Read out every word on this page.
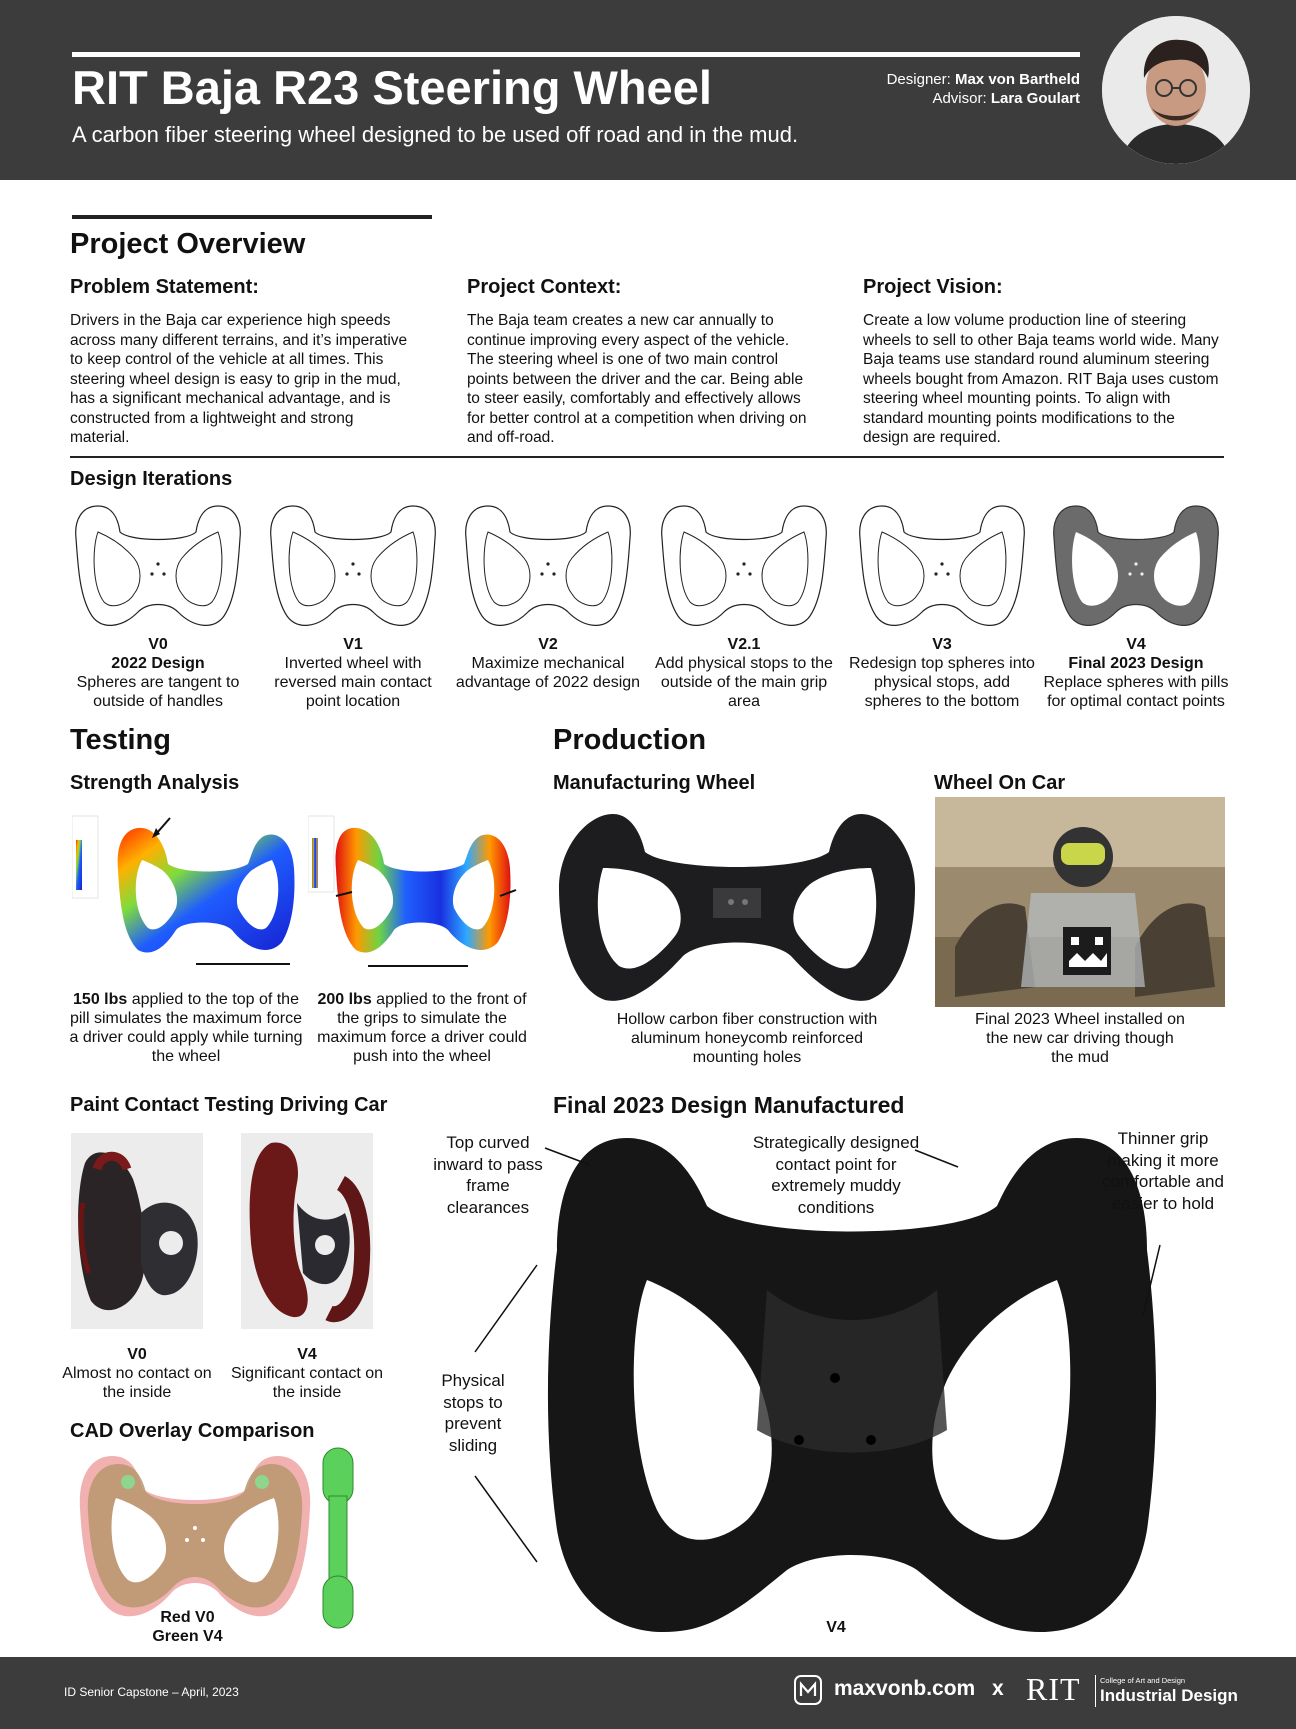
RIT Baja R23 Steering Wheel
A carbon fiber steering wheel designed to be used off road and in the mud.
Designer: Max von Bartheld
Advisor: Lara Goulart
Project Overview
Problem Statement:
Drivers in the Baja car experience high speeds across many different terrains, and it’s imperative to keep control of the vehicle at all times. This steering wheel design is easy to grip in the mud, has a significant mechanical advantage, and is constructed from a lightweight and strong material.
Project Context:
The Baja team creates a new car annually to continue improving every aspect of the vehicle. The steering wheel is one of two main control points between the driver and the car. Being able to steer easily, comfortably and effectively allows for better control at a competition when driving on and off-road.
Project Vision:
Create a low volume production line of steering wheels to sell to other Baja teams world wide. Many Baja teams use standard round aluminum steering wheels bought from Amazon. RIT Baja uses custom steering wheel mounting points. To align with standard mounting points modifications to the design are required.
Design Iterations
V0
2022 Design
Spheres are tangent to outside of handles
V1
Inverted wheel with reversed main contact point location
V2
Maximize mechanical advantage of 2022 design
V2.1
Add physical stops to the outside of the main grip area
V3
Redesign top spheres into physical stops, add spheres to the bottom
V4
Final 2023 Design
Replace spheres with pills for optimal contact points
Testing
Strength Analysis
150 lbs applied to the top of the pill simulates the maximum force a driver could apply while turning the wheel
200 lbs applied to the front of the grips to simulate the maximum force a driver could push into the wheel
Paint Contact Testing Driving Car
V0
Almost no contact on the inside
V4
Significant contact on the inside
CAD Overlay Comparison
Red V0
Green V4
Production
Manufacturing Wheel
Hollow carbon fiber construction with aluminum honeycomb reinforced mounting holes
Wheel On Car
Final 2023 Wheel installed on the new car driving though the mud
Final 2023 Design Manufactured
Top curved inward to pass frame clearances
Strategically designed contact point for extremely muddy conditions
Thinner grip making it more comfortable and easier to hold
Physical stops to prevent sliding
V4
ID Senior Capstone – April, 2023	maxvonb.com x RIT	College of Art and Design
Industrial Design
